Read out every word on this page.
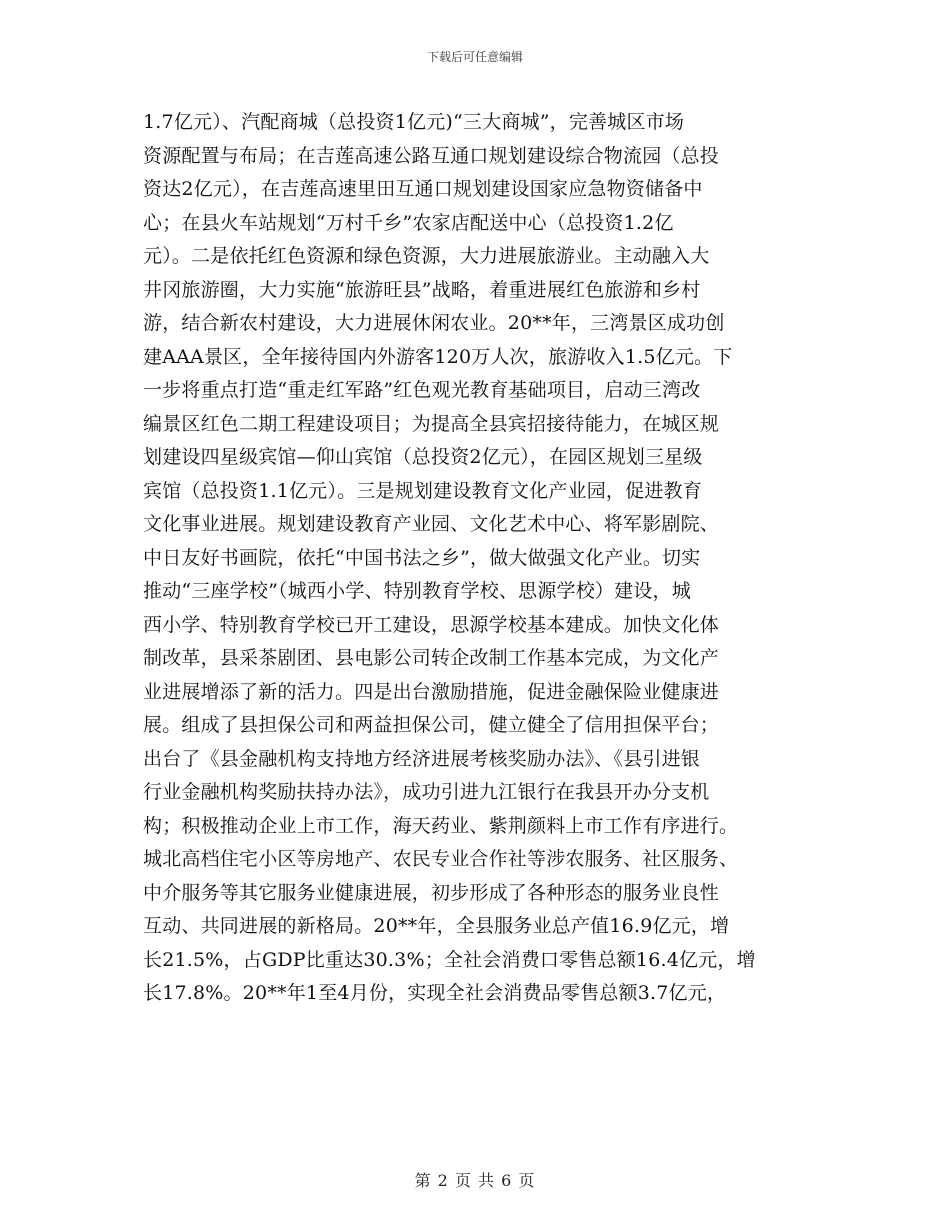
下载后可任意编辑
1.7亿元）、汽配商城（总投资1亿元)“三大商城”，完善城区市场
资源配置与布局；在吉莲高速公路互通口规划建设综合物流园（总投
资达2亿元），在吉莲高速里田互通口规划建设国家应急物资储备中
心；在县火车站规划“万村千乡”农家店配送中心（总投资1.2亿
元）。二是依托红色资源和绿色资源，大力进展旅游业。主动融入大
井冈旅游圈，大力实施“旅游旺县”战略，着重进展红色旅游和乡村
游，结合新农村建设，大力进展休闲农业。20**年，三湾景区成功创
建AAA景区，全年接待国内外游客120万人次，旅游收入1.5亿元。下
一步将重点打造“重走红军路”红色观光教育基础项目，启动三湾改
编景区红色二期工程建设项目；为提高全县宾招接待能力，在城区规
划建设四星级宾馆—仰山宾馆（总投资2亿元），在园区规划三星级
宾馆（总投资1.1亿元）。三是规划建设教育文化产业园，促进教育
文化事业进展。规划建设教育产业园、文化艺术中心、将军影剧院、
中日友好书画院，依托“中国书法之乡”，做大做强文化产业。切实
推动“三座学校”（城西小学、特别教育学校、思源学校）建设，城
西小学、特别教育学校已开工建设，思源学校基本建成。加快文化体
制改革，县采茶剧团、县电影公司转企改制工作基本完成，为文化产
业进展增添了新的活力。四是出台激励措施，促进金融保险业健康进
展。组成了县担保公司和两益担保公司，健立健全了信用担保平台；
出台了《县金融机构支持地方经济进展考核奖励办法》、《县引进银
行业金融机构奖励扶持办法》，成功引进九江银行在我县开办分支机
构；积极推动企业上市工作，海天药业、紫荆颜料上市工作有序进行。
城北高档住宅小区等房地产、农民专业合作社等涉农服务、社区服务、
中介服务等其它服务业健康进展，初步形成了各种形态的服务业良性
互动、共同进展的新格局。20**年，全县服务业总产值16.9亿元，增
长21.5%，占GDP比重达30.3%；全社会消费口零售总额16.4亿元，增
长17.8%。20**年1至4月份，实现全社会消费品零售总额3.7亿元，
第 2 页 共 6 页
